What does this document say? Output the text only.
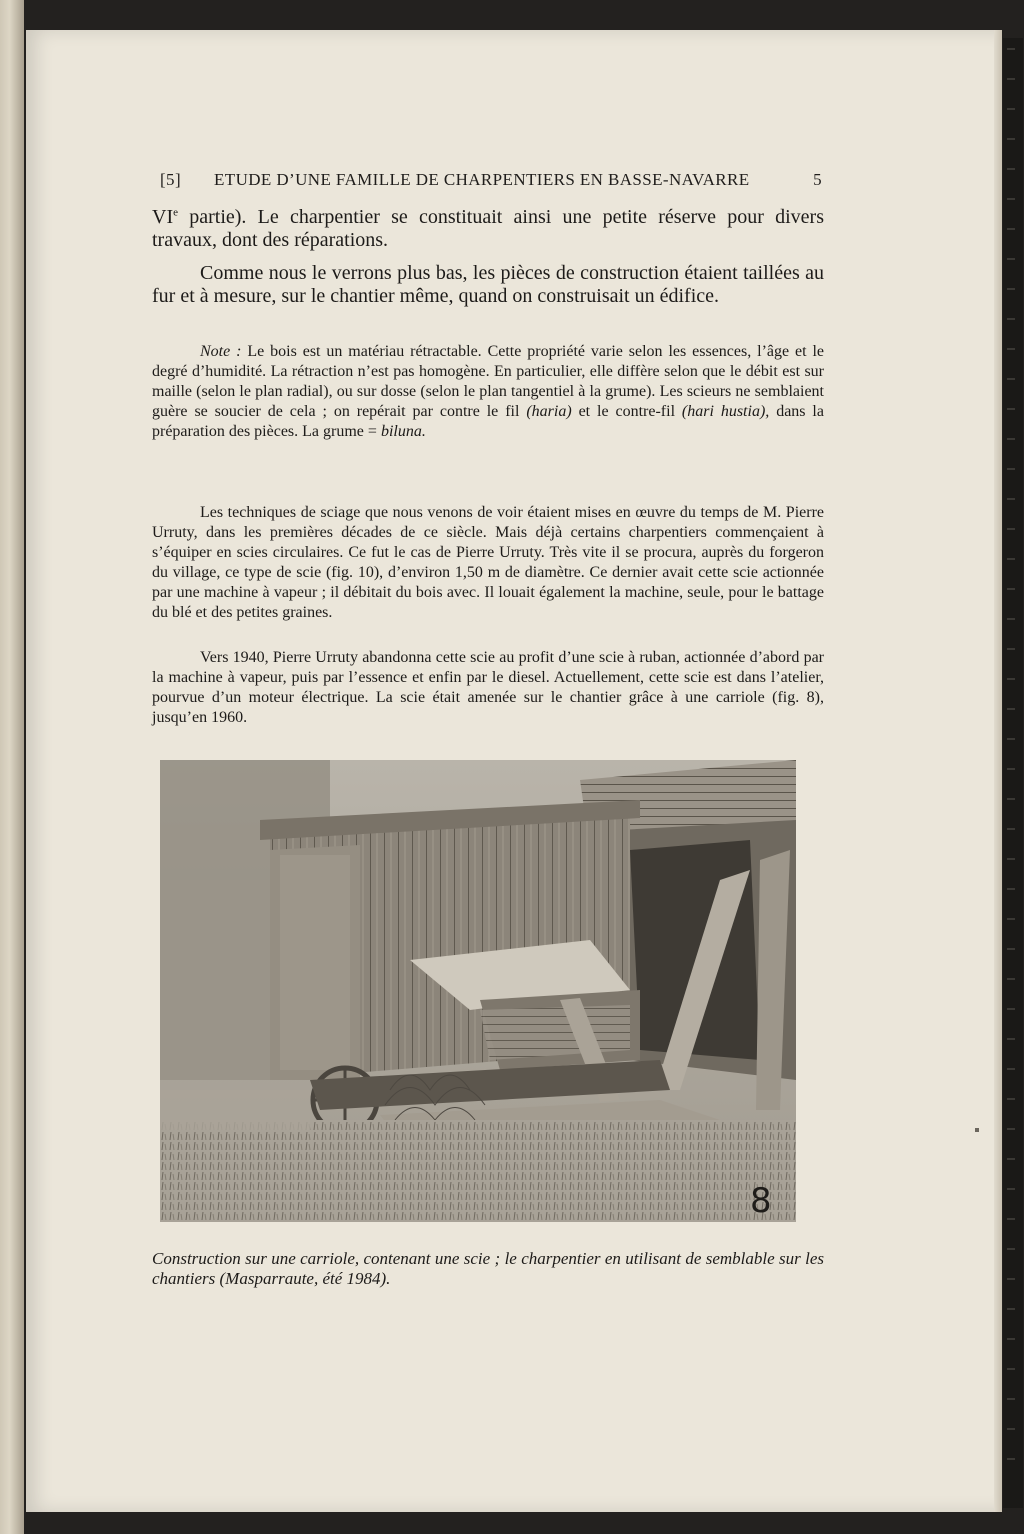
[5] ETUDE D’UNE FAMILLE DE CHARPENTIERS EN BASSE-NAVARRE	5

VIe partie). Le charpentier se constituait ainsi une petite réserve pour divers travaux, dont des réparations.

Comme nous le verrons plus bas, les pièces de construction étaient taillées au fur et à mesure, sur le chantier même, quand on construisait un édifice.

Note : Le bois est un matériau rétractable. Cette propriété varie selon les essences, l’âge et le degré d’humidité. La rétraction n’est pas homogène. En particulier, elle diffère selon que le débit est sur maille (selon le plan radial), ou sur dosse (selon le plan tangentiel à la grume). Les scieurs ne semblaient guère se soucier de cela ; on repérait par contre le fil (haria) et le contre-fil (hari hustia), dans la préparation des pièces. La grume = biluna.

Les techniques de sciage que nous venons de voir étaient mises en œuvre du temps de M. Pierre Urruty, dans les premières décades de ce siècle. Mais déjà certains charpentiers commençaient à s’équiper en scies circulaires. Ce fut le cas de Pierre Urruty. Très vite il se procura, auprès du forgeron du village, ce type de scie (fig. 10), d’environ 1,50 m de diamètre. Ce dernier avait cette scie actionnée par une machine à vapeur ; il débitait du bois avec. Il louait également la machine, seule, pour le battage du blé et des petites graines.

Vers 1940, Pierre Urruty abandonna cette scie au profit d’une scie à ruban, actionnée d’abord par la machine à vapeur, puis par l’essence et enfin par le diesel. Actuellement, cette scie est dans l’atelier, pourvue d’un moteur électrique. La scie était amenée sur le chantier grâce à une carriole (fig. 8), jusqu’en 1960.

8

Construction sur une carriole, contenant une scie ; le charpentier en utilisant de semblable sur les chantiers (Masparraute, été 1984).
